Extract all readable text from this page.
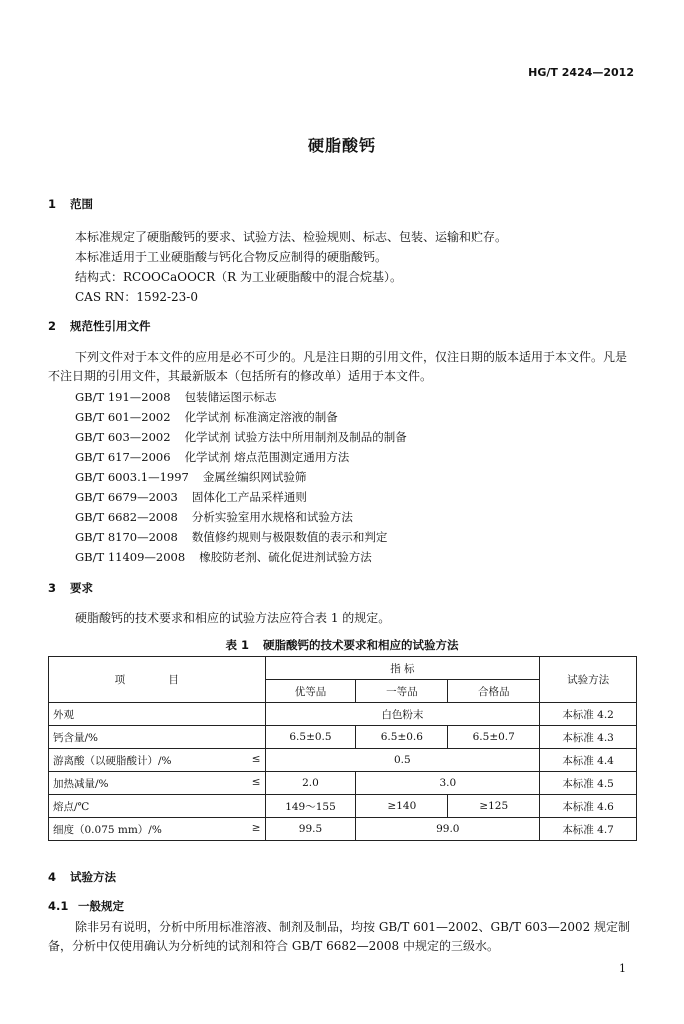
HG/T 2424—2012
硬脂酸钙
1 范围
本标准规定了硬脂酸钙的要求、试验方法、检验规则、标志、包装、运输和贮存。
本标准适用于工业硬脂酸与钙化合物反应制得的硬脂酸钙。
结构式：RCOOCaOOCR（R 为工业硬脂酸中的混合烷基）。
CAS RN：1592-23-0
2 规范性引用文件
下列文件对于本文件的应用是必不可少的。凡是注日期的引用文件，仅注日期的版本适用于本文件。凡是不注日期的引用文件，其最新版本（包括所有的修改单）适用于本文件。
GB/T 191—2008 包装储运图示标志
GB/T 601—2002 化学试剂 标准滴定溶液的制备
GB/T 603—2002 化学试剂 试验方法中所用制剂及制品的制备
GB/T 617—2006 化学试剂 熔点范围测定通用方法
GB/T 6003.1—1997 金属丝编织网试验筛
GB/T 6679—2003 固体化工产品采样通则
GB/T 6682—2008 分析实验室用水规格和试验方法
GB/T 8170—2008 数值修约规则与极限数值的表示和判定
GB/T 11409—2008 橡胶防老剂、硫化促进剂试验方法
3 要求
硬脂酸钙的技术要求和相应的试验方法应符合表 1 的规定。
表 1 硬脂酸钙的技术要求和相应的试验方法
项 目	指 标			试验方法
	优等品	一等品	合格品	
外观	白色粉末			本标准 4.2
钙含量/%	6.5±0.5	6.5±0.6	6.5±0.7	本标准 4.3

游离酸（以硬脂酸计）/% ≤	0.5			本标准 4.4

加热减量/% ≤	2.0	3.0		本标准 4.5
熔点/℃	149～155	≥140	≥125	本标准 4.6

细度（0.075 mm）/% ≥	99.5	99.0		本标准 4.7
4 试验方法
4.1 一般规定
除非另有说明，分析中所用标准溶液、制剂及制品，均按 GB/T 601—2002、GB/T 603—2002 规定制备，分析中仅使用确认为分析纯的试剂和符合 GB/T 6682—2008 中规定的三级水。
1
